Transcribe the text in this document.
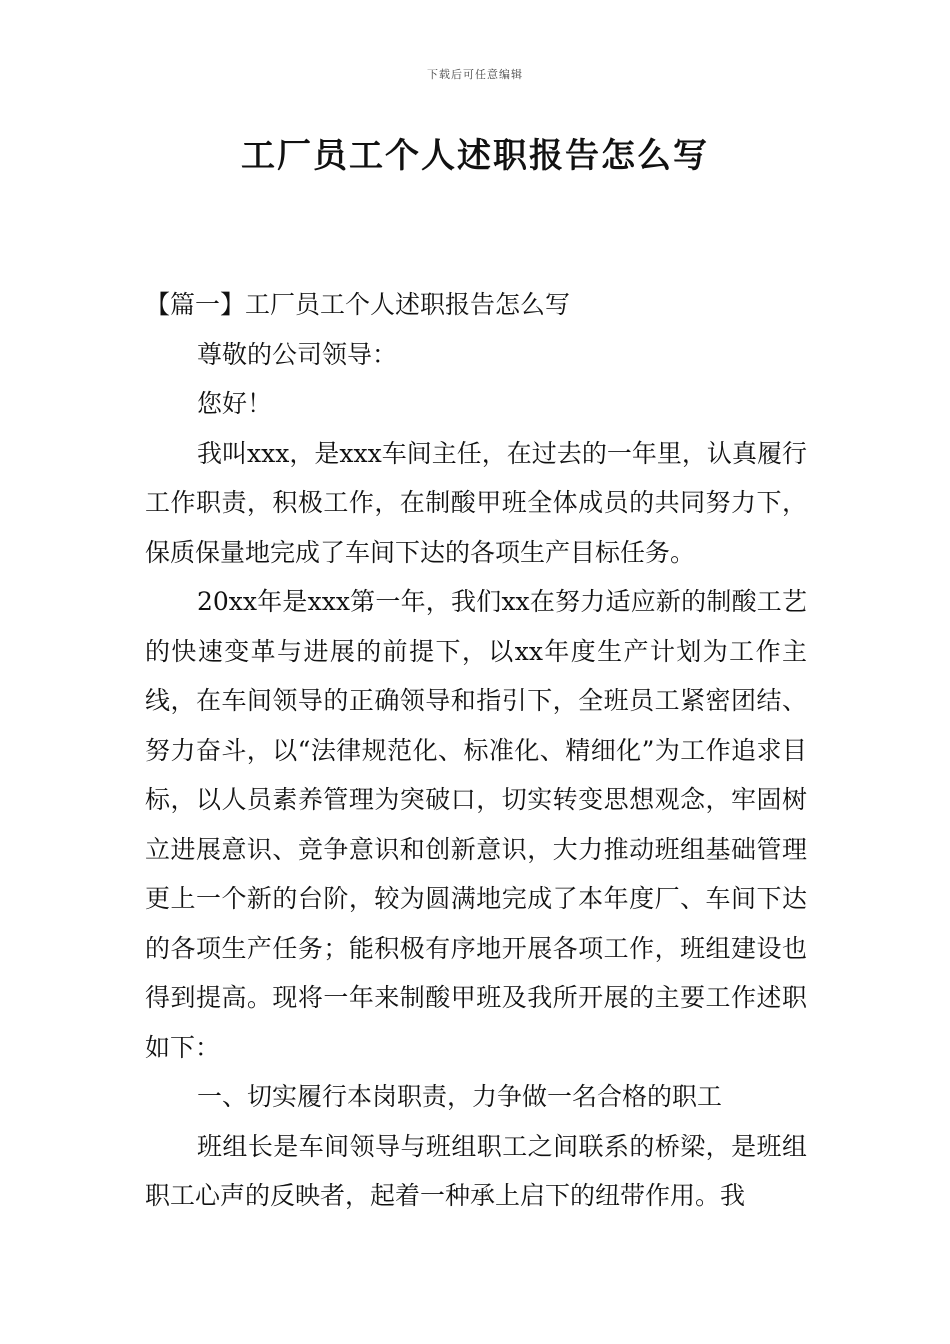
下载后可任意编辑
工厂员工个人述职报告怎么写

【篇一】工厂员工个人述职报告怎么写

尊敬的公司领导：

您好！

我叫xxx，是xxx车间主任，在过去的一年里，认真履行工作职责，积极工作，在制酸甲班全体成员的共同努力下，保质保量地完成了车间下达的各项生产目标任务。

20xx年是xxx第一年，我们xx在努力适应新的制酸工艺的快速变革与进展的前提下，以xx年度生产计划为工作主线，在车间领导的正确领导和指引下，全班员工紧密团结、努力奋斗，以“法律规范化、标准化、精细化”为工作追求目标，以人员素养管理为突破口，切实转变思想观念，牢固树立进展意识、竞争意识和创新意识，大力推动班组基础管理更上一个新的台阶，较为圆满地完成了本年度厂、车间下达的各项生产任务；能积极有序地开展各项工作，班组建设也得到提高。现将一年来制酸甲班及我所开展的主要工作述职如下：

一、切实履行本岗职责，力争做一名合格的职工

班组长是车间领导与班组职工之间联系的桥梁，是班组职工心声的反映者，起着一种承上启下的纽带作用。我
